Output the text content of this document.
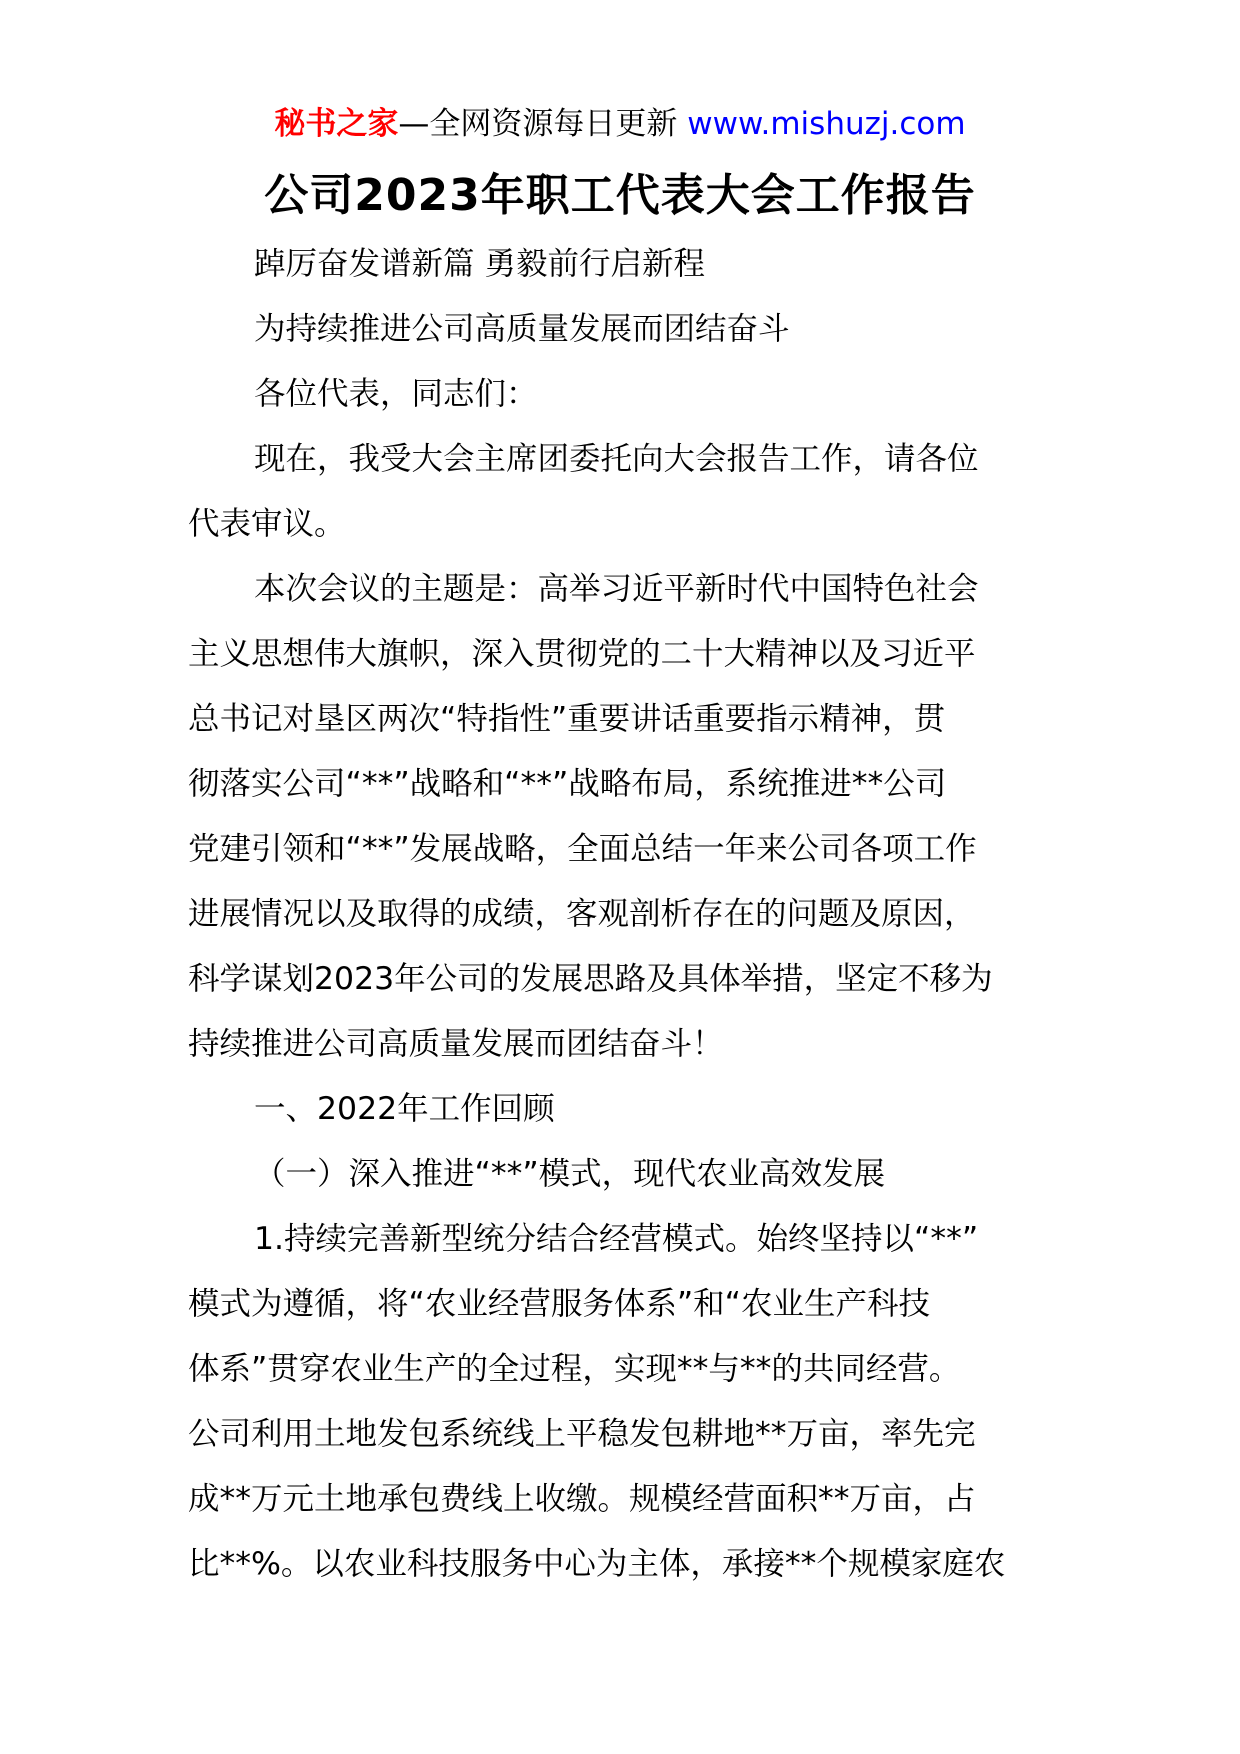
秘书之家—全网资源每日更新 www.mishuzj.com
公司2023年职工代表大会工作报告
踔厉奋发谱新篇 勇毅前行启新程
为持续推进公司高质量发展而团结奋斗
各位代表，同志们：
现在，我受大会主席团委托向大会报告工作，请各位
代表审议。
本次会议的主题是：高举习近平新时代中国特色社会
主义思想伟大旗帜，深入贯彻党的二十大精神以及习近平
总书记对垦区两次“特指性”重要讲话重要指示精神，贯
彻落实公司“**”战略和“**”战略布局，系统推进**公司
党建引领和“**”发展战略，全面总结一年来公司各项工作
进展情况以及取得的成绩，客观剖析存在的问题及原因，
科学谋划2023年公司的发展思路及具体举措，坚定不移为
持续推进公司高质量发展而团结奋斗！
一、2022年工作回顾
（一）深入推进“**”模式，现代农业高效发展
1.持续完善新型统分结合经营模式。始终坚持以“**”
模式为遵循，将“农业经营服务体系”和“农业生产科技
体系”贯穿农业生产的全过程，实现**与**的共同经营。
公司利用土地发包系统线上平稳发包耕地**万亩，率先完
成**万元土地承包费线上收缴。规模经营面积**万亩，占
比**%。以农业科技服务中心为主体，承接**个规模家庭农
